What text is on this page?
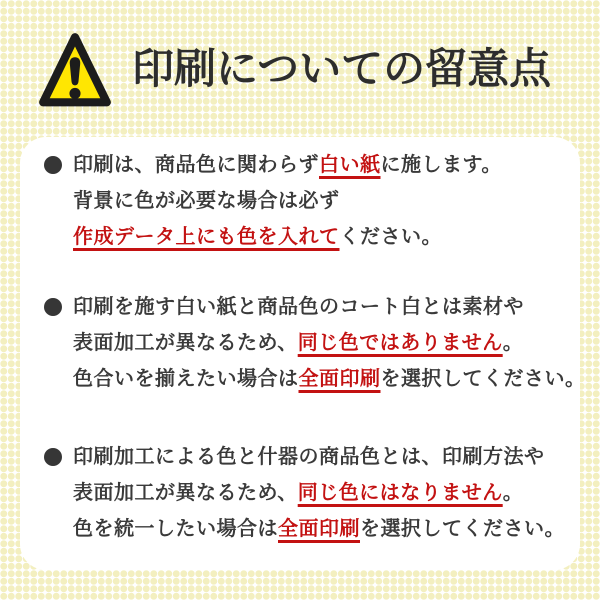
印刷についての留意点
印刷は、商品色に関わらず白い紙に施します。
背景に色が必要な場合は必ず
作成データ上にも色を入れてください。
印刷を施す白い紙と商品色のコート白とは素材や
表面加工が異なるため、同じ色ではありません。
色合いを揃えたい場合は全面印刷を選択してください。
印刷加工による色と什器の商品色とは、印刷方法や
表面加工が異なるため、同じ色にはなりません。
色を統一したい場合は全面印刷を選択してください。
